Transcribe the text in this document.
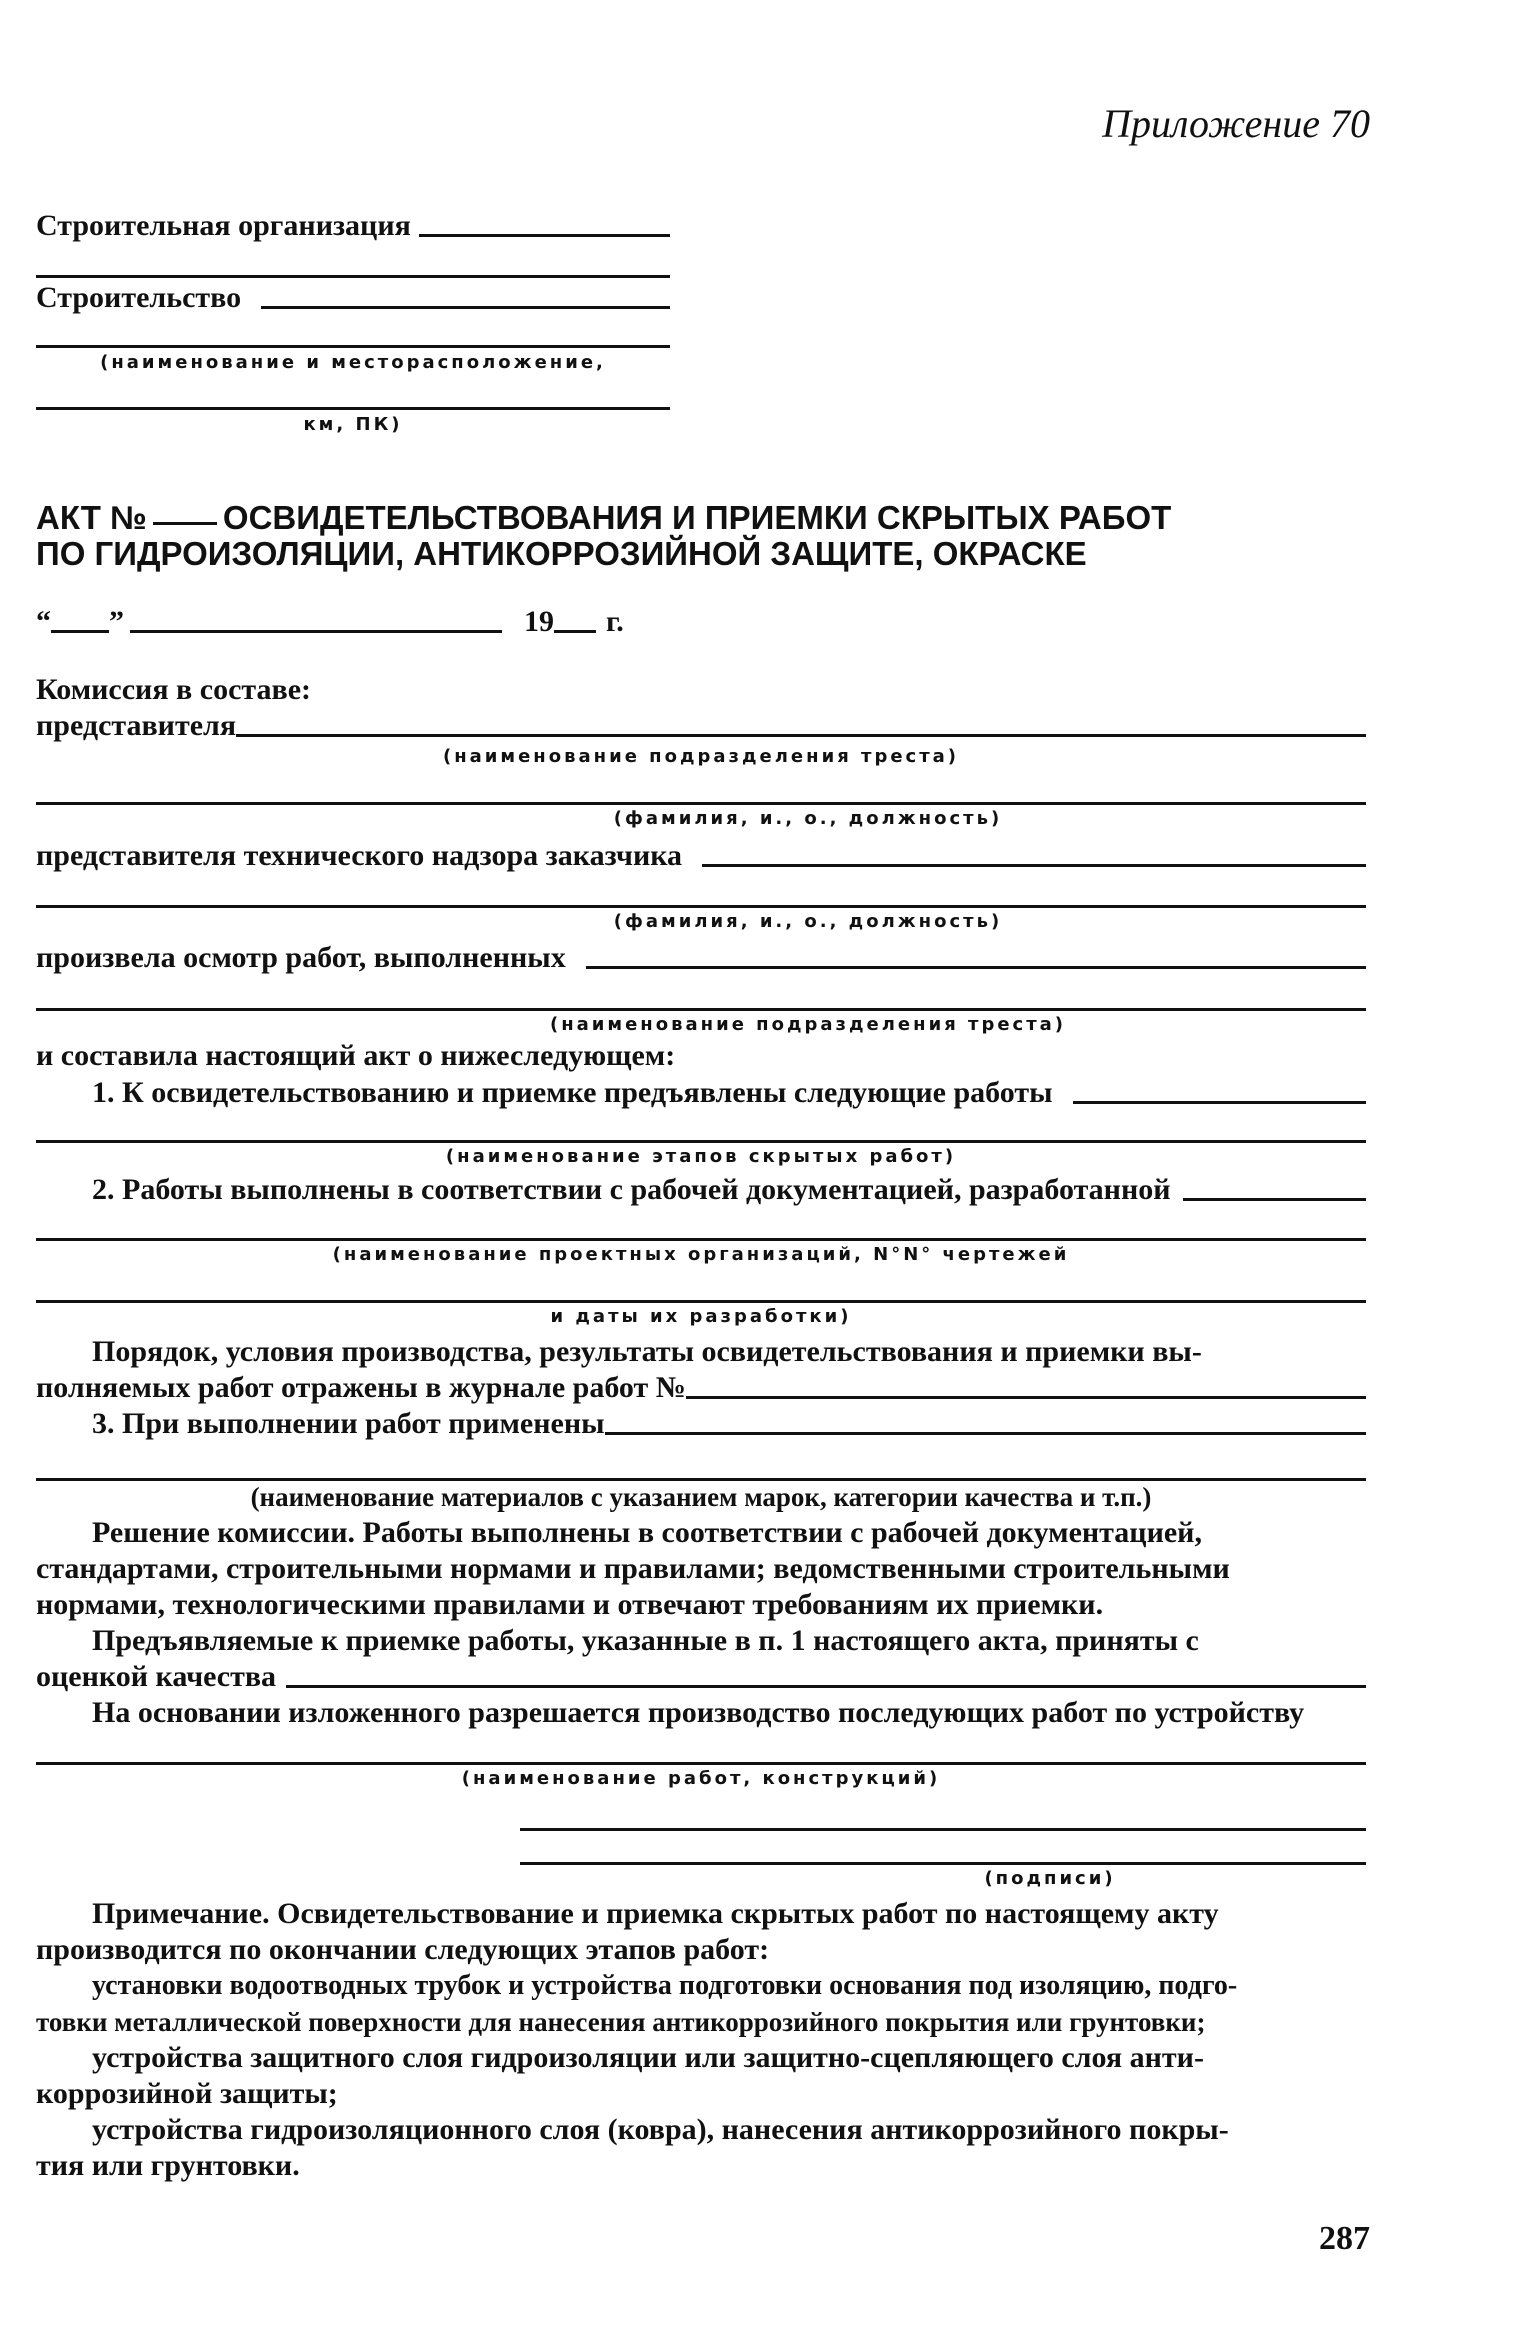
Приложение 70
Строительная организация
Строительство
(наименование и месторасположение,
км, ПК)
АКТ № ОСВИДЕТЕЛЬСТВОВАНИЯ И ПРИЕМКИ СКРЫТЫХ РАБОТ
ПО ГИДРОИЗОЛЯЦИИ, АНТИКОРРОЗИЙНОЙ ЗАЩИТЕ, ОКРАСКЕ
“ ”	19 г.
Комиссия в составе:
представителя
(наименование подразделения треста)
(фамилия, и., о., должность)
представителя технического надзора заказчика
(фамилия, и., о., должность)
произвела осмотр работ, выполненных
(наименование подразделения треста)
и составила настоящий акт о нижеследующем:
1. К освидетельствованию и приемке предъявлены следующие работы
(наименование этапов скрытых работ)
2. Работы выполнены в соответствии с рабочей документацией, разработанной
(наименование проектных организаций, N°N° чертежей
и даты их разработки)
Порядок, условия производства, результаты освидетельствования и приемки вы-
полняемых работ отражены в журнале работ №
3. При выполнении работ применены
(наименование материалов с указанием марок, категории качества и т.п.)
Решение комиссии. Работы выполнены в соответствии с рабочей документацией,
стандартами, строительными нормами и правилами; ведомственными строительными
нормами, технологическими правилами и отвечают требованиям их приемки.
Предъявляемые к приемке работы, указанные в п. 1 настоящего акта, приняты с
оценкой качества
На основании изложенного разрешается производство последующих работ по устройству
(наименование работ, конструкций)
(подписи)
Примечание. Освидетельствование и приемка скрытых работ по настоящему акту
производится по окончании следующих этапов работ:
установки водоотводных трубок и устройства подготовки основания под изоляцию, подго-
товки металлической поверхности для нанесения антикоррозийного покрытия или грунтовки;
устройства защитного слоя гидроизоляции или защитно-сцепляющего слоя анти-
коррозийной защиты;
устройства гидроизоляционного слоя (ковра), нанесения антикоррозийного покры-
тия или грунтовки.
287
